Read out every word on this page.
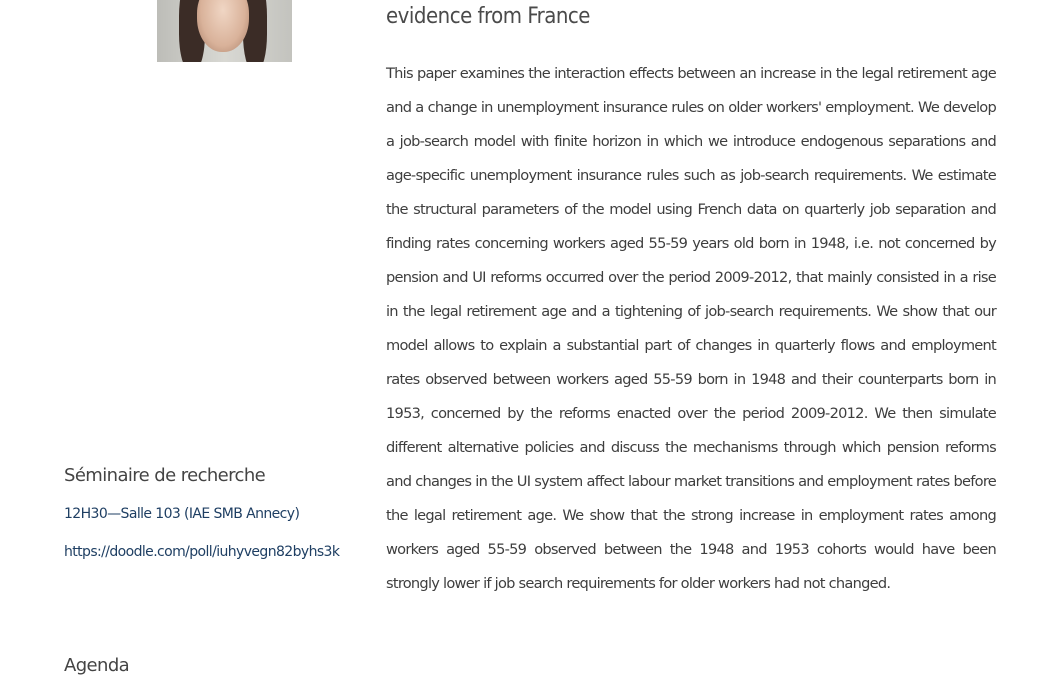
evidence from France

This paper examines the interaction effects between an increase in the legal retirement age and a change in unemployment insurance rules on older workers' employment. We develop a job-search model with finite horizon in which we introduce endogenous separations and age-specific unemployment insurance rules such as job-search requirements. We estimate the structural parameters of the model using French data on quarterly job separation and finding rates concerning workers aged 55-59 years old born in 1948, i.e. not concerned by pension and UI reforms occurred over the period 2009-2012, that mainly consisted in a rise in the legal retirement age and a tightening of job-search requirements. We show that our model allows to explain a substantial part of changes in quarterly flows and employment rates observed between workers aged 55-59 born in 1948 and their counterparts born in 1953, concerned by the reforms enacted over the period 2009-2012. We then simulate different alternative policies and discuss the mechanisms through which pension reforms and changes in the UI system affect labour market transitions and employment rates before the legal retirement age. We show that the strong increase in employment rates among workers aged 55-59 observed between the 1948 and 1953 cohorts would have been strongly lower if job search requirements for older workers had not changed.

Séminaire de recherche

12H30—Salle 103 (IAE SMB Annecy)

https://doodle.com/poll/iuhyvegn82byhs3k
Agenda
